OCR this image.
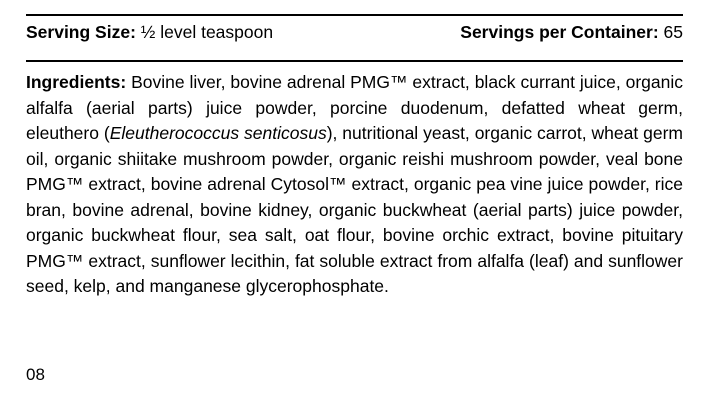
Serving Size: ½ level teaspoon	Servings per Container: 65
Ingredients: Bovine liver, bovine adrenal PMG™ extract, black currant juice, organic alfalfa (aerial parts) juice powder, porcine duodenum, defatted wheat germ, eleuthero (Eleutherococcus senticosus), nutritional yeast, organic carrot, wheat germ oil, organic shiitake mushroom powder, organic reishi mushroom powder, veal bone PMG™ extract, bovine adrenal Cytosol™ extract, organic pea vine juice powder, rice bran, bovine adrenal, bovine kidney, organic buckwheat (aerial parts) juice powder, organic buckwheat flour, sea salt, oat flour, bovine orchic extract, bovine pituitary PMG™ extract, sunflower lecithin, fat soluble extract from alfalfa (leaf) and sunflower seed, kelp, and manganese glycerophosphate.
08
